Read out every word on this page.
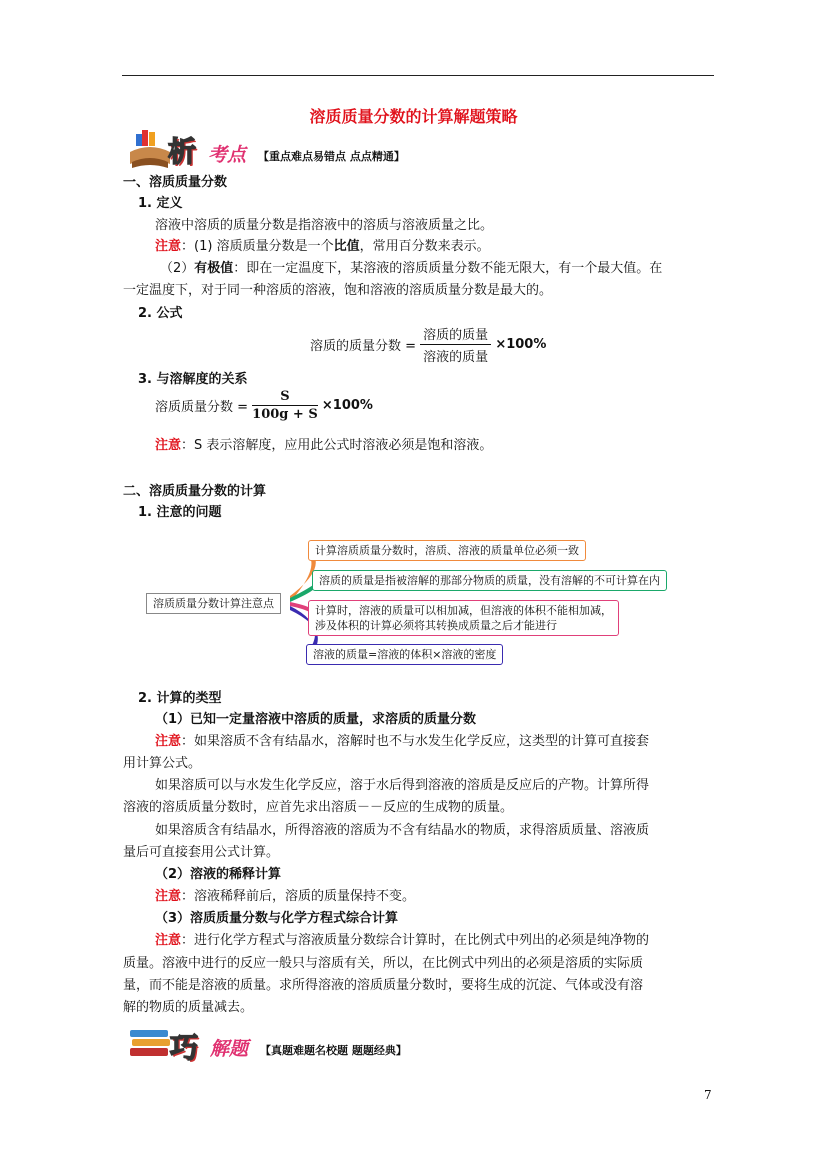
溶质质量分数的计算解题策略
析 考点 【重点难点易错点 点点精通】
一、溶质质量分数
1. 定义
溶液中溶质的质量分数是指溶液中的溶质与溶液质量之比。
注意：(1) 溶质质量分数是一个比值，常用百分数来表示。
（2）有极值：即在一定温度下，某溶液的溶质质量分数不能无限大，有一个最大值。在
一定温度下，对于同一种溶质的溶液，饱和溶液的溶质质量分数是最大的。
2. 公式
溶质的质量分数 = $\frac{\text{溶质的质量}}{\text{溶液的质量}} \times 100\%$
3. 与溶解度的关系
溶质质量分数 = $\frac{S}{100g + S} \times 100\%$
注意：S 表示溶解度，应用此公式时溶液必须是饱和溶液。
二、溶质质量分数的计算
1. 注意的问题
溶质质量分数计算注意点
计算溶质质量分数时，溶质、溶液的质量单位必须一致
溶质的质量是指被溶解的那部分物质的质量，没有溶解的不可计算在内
计算时，溶液的质量可以相加减，但溶液的体积不能相加减，
涉及体积的计算必须将其转换成质量之后才能进行
溶液的质量=溶液的体积×溶液的密度
2. 计算的类型
（1）已知一定量溶液中溶质的质量，求溶质的质量分数
注意：如果溶质不含有结晶水，溶解时也不与水发生化学反应，这类型的计算可直接套
用计算公式。
如果溶质可以与水发生化学反应，溶于水后得到溶液的溶质是反应后的产物。计算所得
溶液的溶质质量分数时，应首先求出溶质－－反应的生成物的质量。
如果溶质含有结晶水，所得溶液的溶质为不含有结晶水的物质，求得溶质质量、溶液质
量后可直接套用公式计算。
（2）溶液的稀释计算
注意：溶液稀释前后，溶质的质量保持不变。
（3）溶质质量分数与化学方程式综合计算
注意：进行化学方程式与溶液质量分数综合计算时，在比例式中列出的必须是纯净物的
质量。溶液中进行的反应一般只与溶质有关，所以，在比例式中列出的必须是溶质的实际质
量，而不能是溶液的质量。求所得溶液的溶质质量分数时，要将生成的沉淀、气体或没有溶
解的物质的质量减去。
巧 解题 【真题难题名校题 题题经典】
7
